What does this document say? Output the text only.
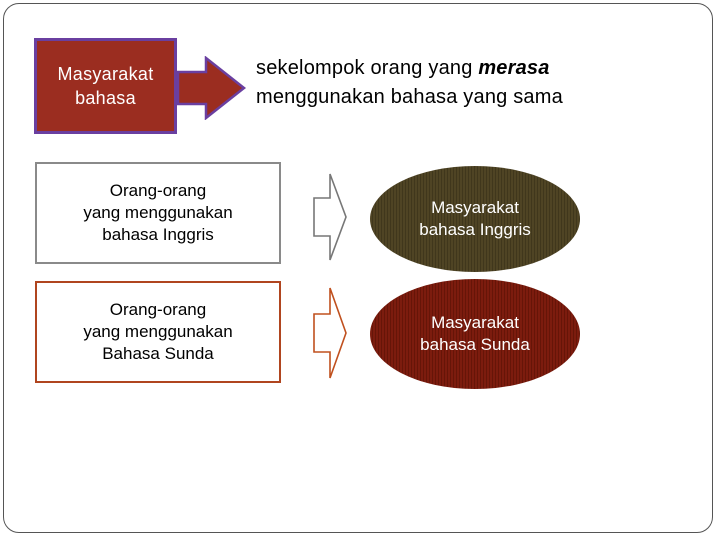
Masyarakat
bahasa
sekelompok orang yang merasa
menggunakan bahasa yang sama
Orang-orang
yang menggunakan
bahasa Inggris
Masyarakat
bahasa Inggris
Orang-orang
yang menggunakan
Bahasa Sunda
Masyarakat
bahasa Sunda
